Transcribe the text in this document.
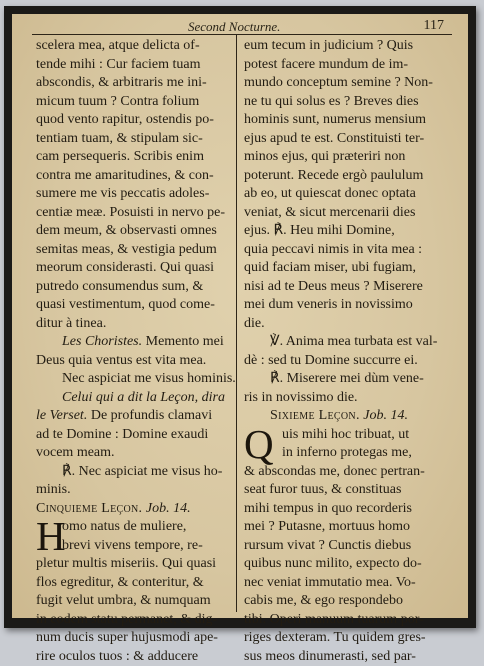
Second Nocturne.	117
scelera mea, atque delicta of-
tende mihi : Cur faciem tuam
abscondis, & arbitraris me ini-
micum tuum ? Contra folium
quod vento rapitur, ostendis po-
tentiam tuam, & stipulam sic-
cam persequeris. Scribis enim
contra me amaritudines, & con-
sumere me vis peccatis adoles-
centiæ meæ. Posuisti in nervo pe-
dem meum, & observasti omnes
semitas meas, & vestigia pedum
meorum considerasti. Qui quasi
putredo consumendus sum, &
quasi vestimentum, quod come-
ditur à tinea.
Les Choristes. Memento mei
Deus quia ventus est vita mea.
Nec aspiciat me visus hominis.
Celui qui a dit la Leçon, dira
le Verset. De profundis clamavi
ad te Domine : Domine exaudi
vocem meam.
℟. Nec aspiciat me visus ho-
minis.
Cinquieme Leçon. Job. 14.
H
omo natus de muliere,
brevi vivens tempore, re-
pletur multis miseriis. Qui quasi
flos egreditur, & conteritur, &
fugit velut umbra, & numquam
in eodem statu permanet, & dig-
num ducis super hujusmodi ape-
rire oculos tuos : & adducere
eum tecum in judicium ? Quis
potest facere mundum de im-
mundo conceptum semine ? Non-
ne tu qui solus es ? Breves dies
hominis sunt, numerus mensium
ejus apud te est. Constituisti ter-
minos ejus, qui præteriri non
poterunt. Recede ergò paululum
ab eo, ut quiescat donec optata
veniat, & sicut mercenarii dies
ejus. ℟. Heu mihi Domine,
quia peccavi nimis in vita mea :
quid faciam miser, ubi fugiam,
nisi ad te Deus meus ? Miserere
mei dum veneris in novissimo
die.
℣. Anima mea turbata est val-
dè : sed tu Domine succurre ei.
℟. Miserere mei dùm vene-
ris in novissimo die.
Sixieme Leçon. Job. 14.
Q uis mihi hoc tribuat, ut
in inferno protegas me,
& abscondas me, donec pertran-
seat furor tuus, & constituas
mihi tempus in quo recorderis
mei ? Putasne, mortuus homo
rursum vivat ? Cunctis diebus
quibus nunc milito, expecto do-
nec veniat immutatio mea. Vo-
cabis me, & ego respondebo
tibi. Operi manuum tuarum por-
riges dexteram. Tu quidem gres-
sus meos dinumerasti, sed par-
